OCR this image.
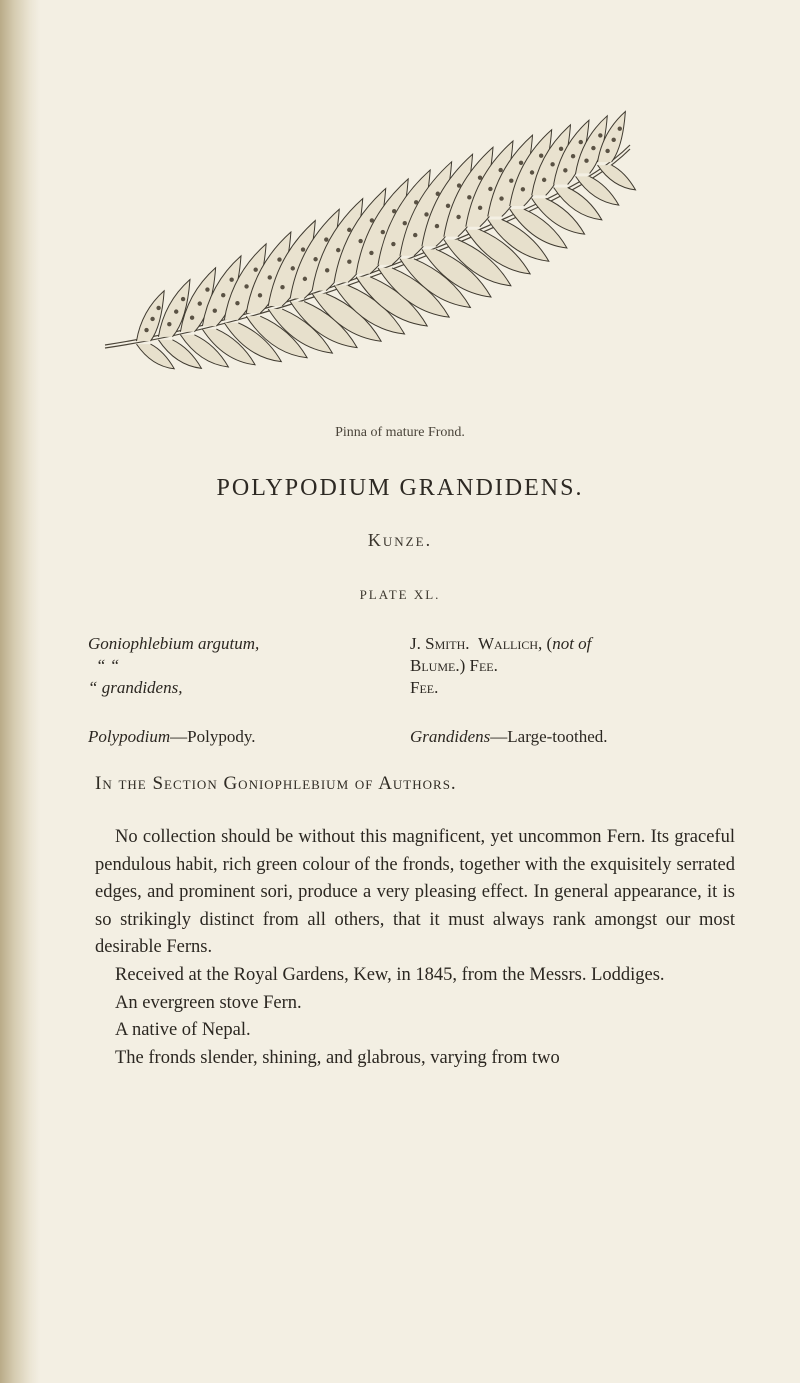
Pinna of mature Frond.
POLYPODIUM GRANDIDENS.
Kunze.
PLATE XL.
Goniophlebium argutum,
“ “
“ grandidens,
J. Smith. Wallich, (not of
Blume.) Fee.
Fee.
Polypodium—Polypody.	Grandidens—Large-toothed.
In the Section Goniophlebium of Authors.

No collection should be without this magnificent, yet uncommon Fern. Its graceful pendulous habit, rich green colour of the fronds, together with the exquisitely serrated edges, and prominent sori, produce a very pleasing effect. In general appearance, it is so strikingly distinct from all others, that it must always rank amongst our most desirable Ferns.

Received at the Royal Gardens, Kew, in 1845, from the Messrs. Loddiges.

An evergreen stove Fern.

A native of Nepal.

The fronds slender, shining, and glabrous, varying from two
